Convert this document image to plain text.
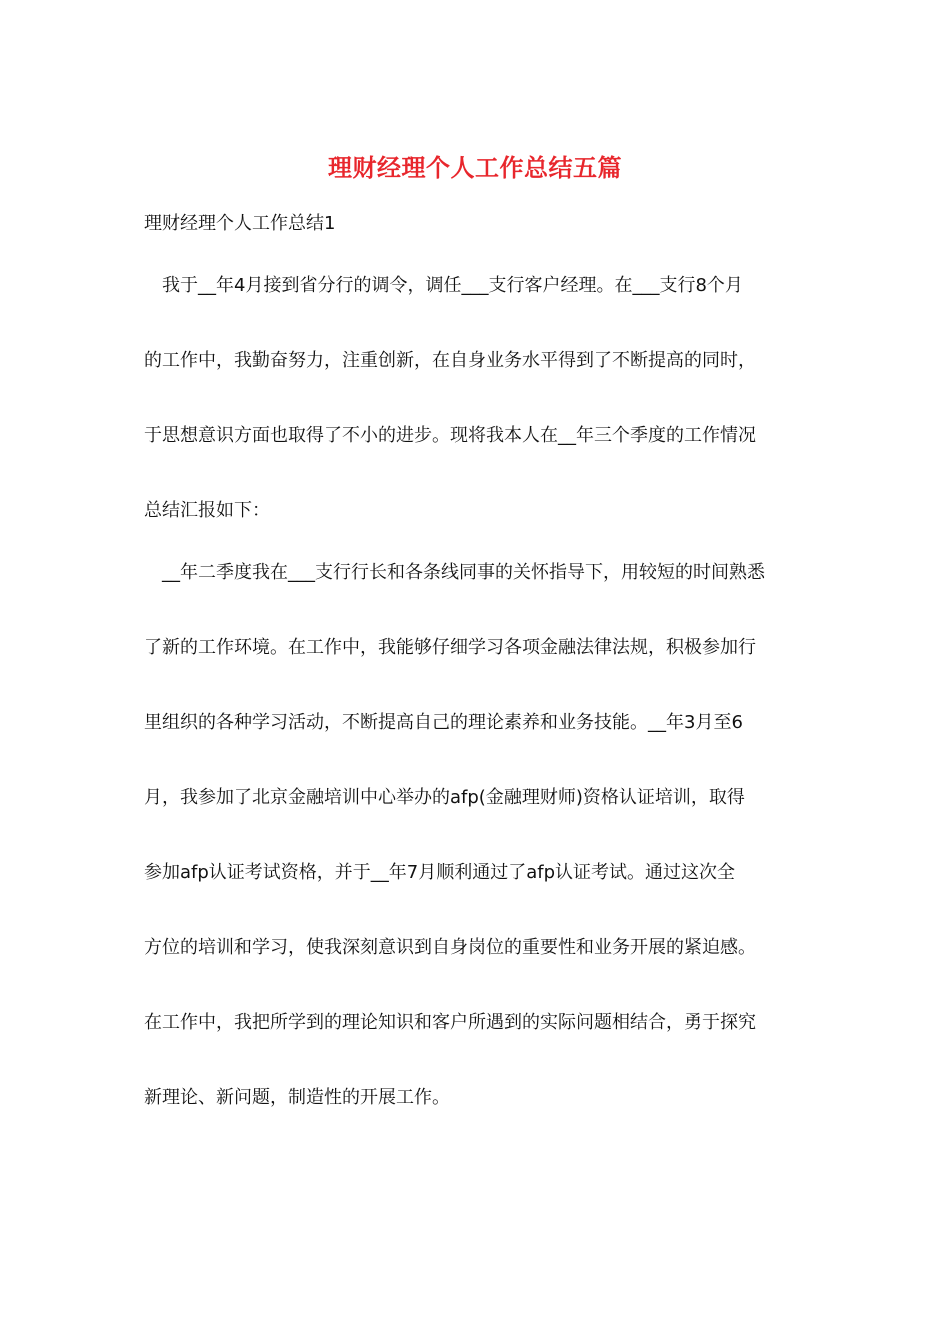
理财经理个人工作总结五篇
理财经理个人工作总结1
　我于__年4月接到省分行的调令，调任___支行客户经理。在___支行8个月
的工作中，我勤奋努力，注重创新，在自身业务水平得到了不断提高的同时，
于思想意识方面也取得了不小的进步。现将我本人在__年三个季度的工作情况
总结汇报如下：
　__年二季度我在___支行行长和各条线同事的关怀指导下，用较短的时间熟悉
了新的工作环境。在工作中，我能够仔细学习各项金融法律法规，积极参加行
里组织的各种学习活动，不断提高自己的理论素养和业务技能。__年3月至6
月，我参加了北京金融培训中心举办的afp(金融理财师)资格认证培训，取得
参加afp认证考试资格，并于__年7月顺利通过了afp认证考试。通过这次全
方位的培训和学习，使我深刻意识到自身岗位的重要性和业务开展的紧迫感。
在工作中，我把所学到的理论知识和客户所遇到的实际问题相结合，勇于探究
新理论、新问题，制造性的开展工作。
